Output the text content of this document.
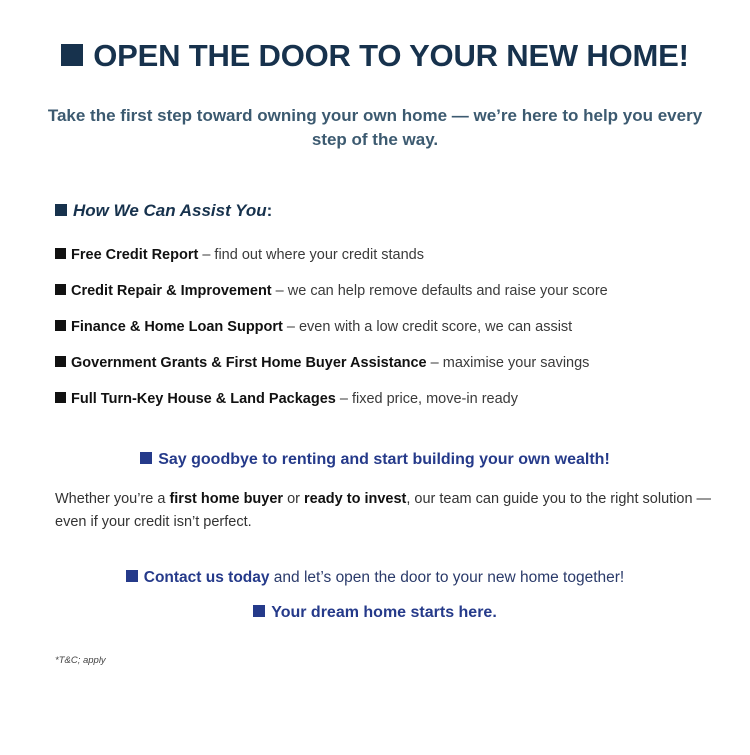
OPEN THE DOOR TO YOUR NEW HOME!
Take the first step toward owning your own home — we’re here to help you every step of the way.
How We Can Assist You:
Free Credit Report – find out where your credit stands
Credit Repair & Improvement – we can help remove defaults and raise your score
Finance & Home Loan Support – even with a low credit score, we can assist
Government Grants & First Home Buyer Assistance – maximise your savings
Full Turn-Key House & Land Packages – fixed price, move-in ready
Say goodbye to renting and start building your own wealth!
Whether you’re a first home buyer or ready to invest, our team can guide you to the right solution — even if your credit isn’t perfect.
Contact us today and let’s open the door to your new home together!
Your dream home starts here.
*T&C; apply
